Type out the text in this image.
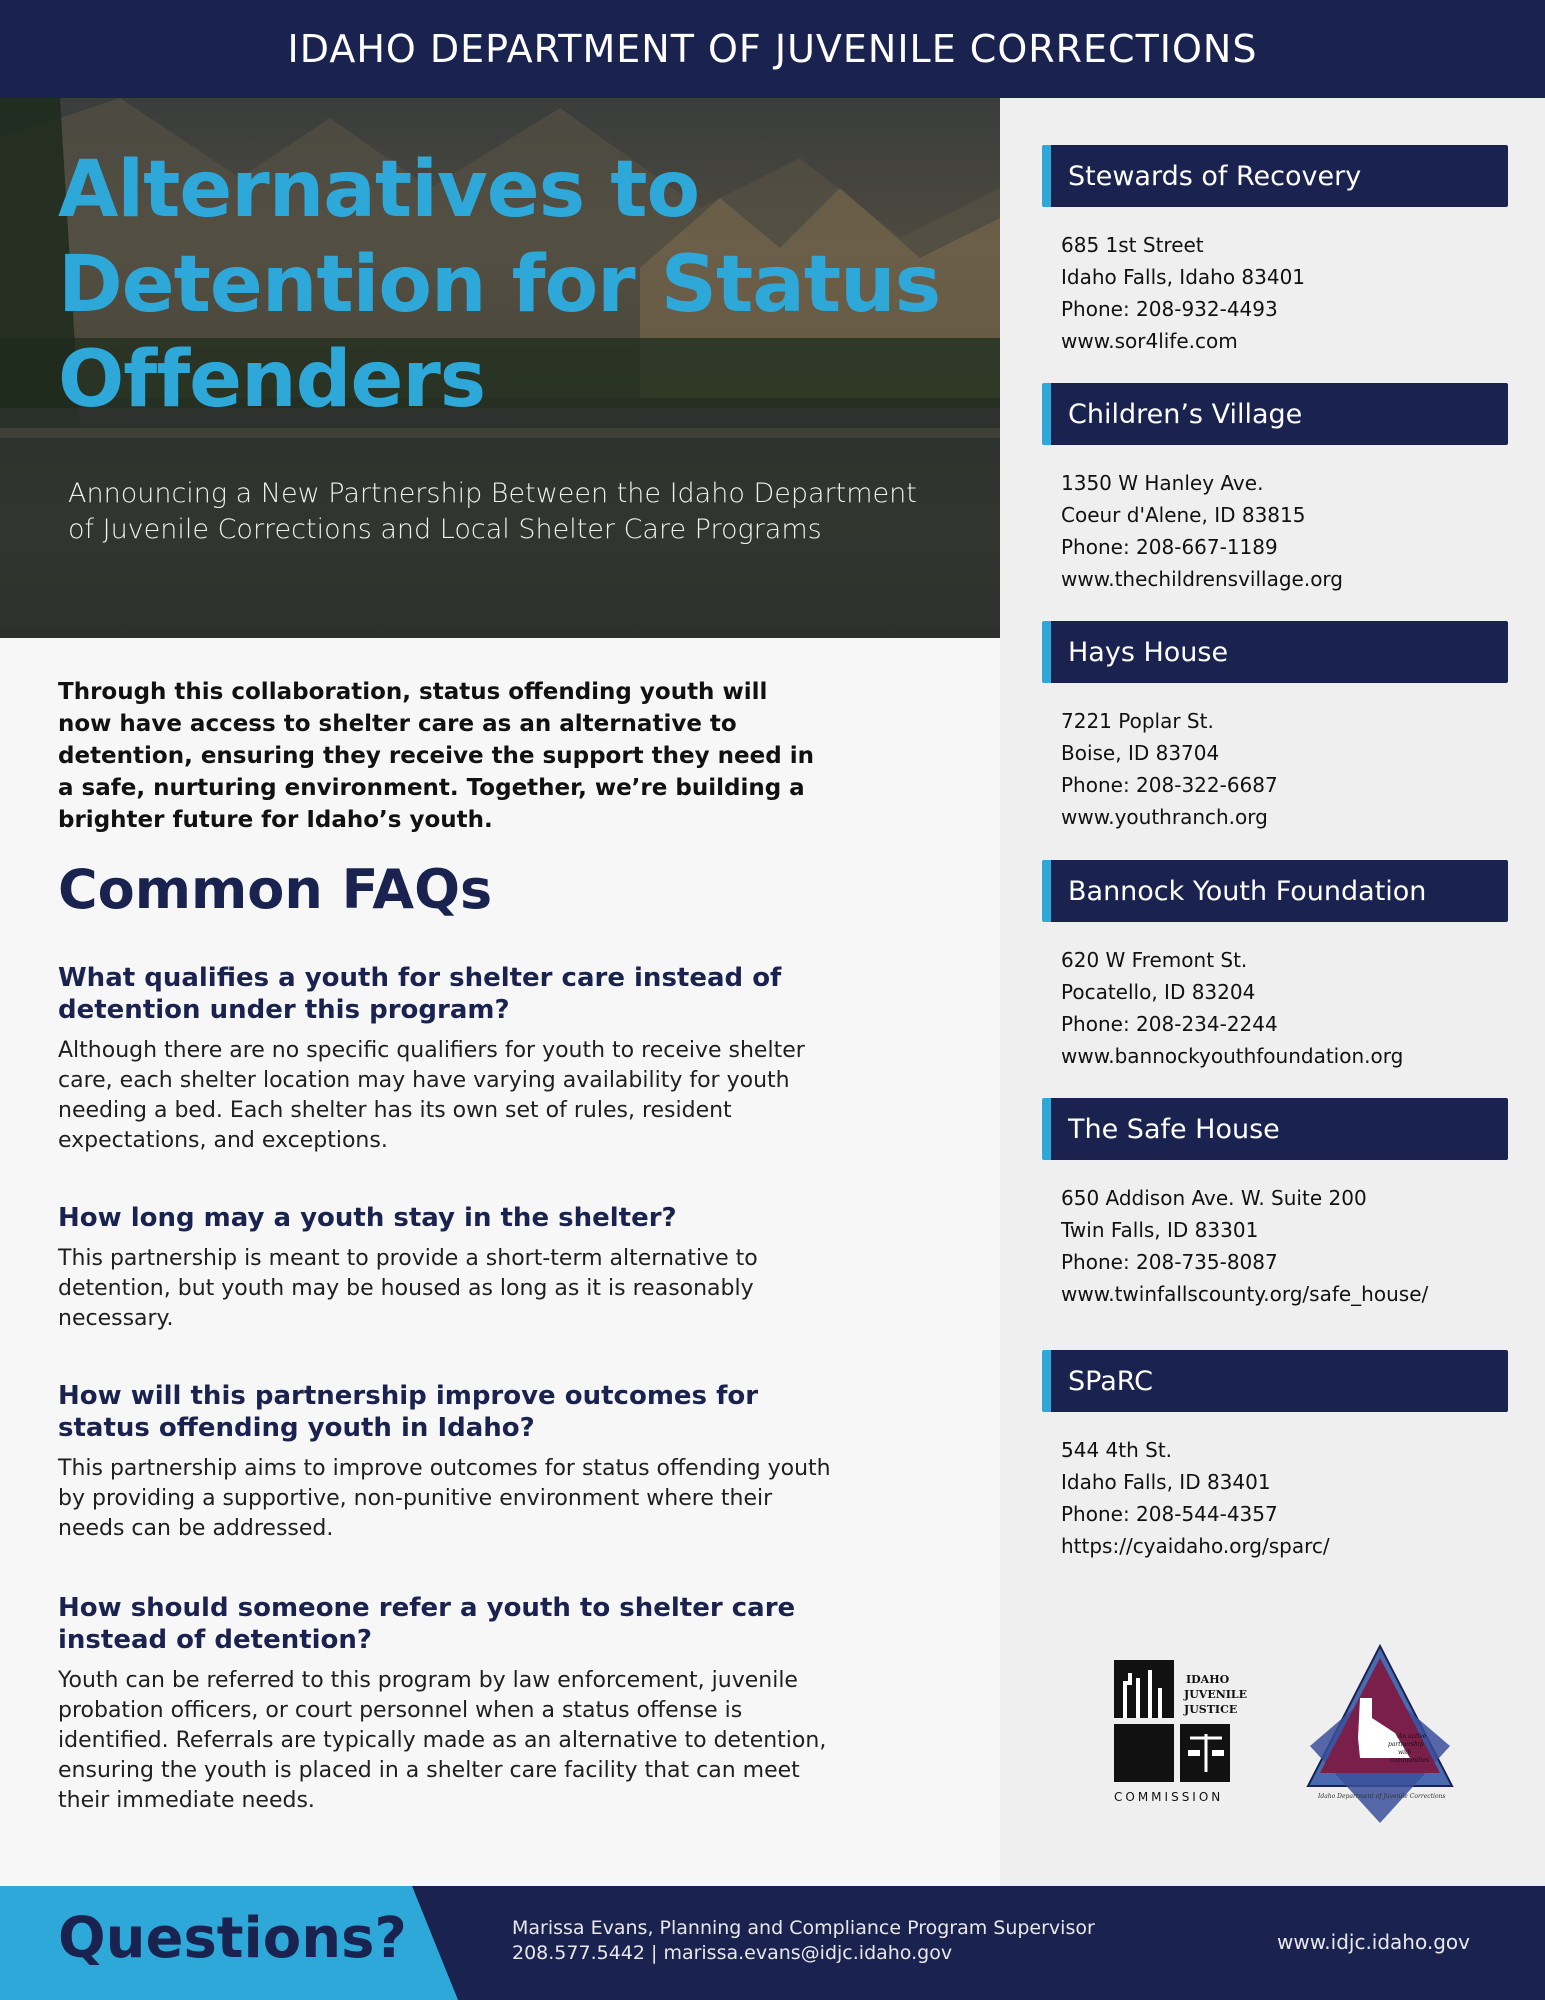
IDAHO DEPARTMENT OF JUVENILE CORRECTIONS
Alternatives to Detention for Status Offenders

Announcing a New Partnership Between the Idaho Department of Juvenile Corrections and Local Shelter Care Programs

Through this collaboration, status offending youth will now have access to shelter care as an alternative to detention, ensuring they receive the support they need in a safe, nurturing environment. Together, we’re building a brighter future for Idaho’s youth.

Common FAQs
What qualifies a youth for shelter care instead of detention under this program?

Although there are no specific qualifiers for youth to receive shelter care, each shelter location may have varying availability for youth needing a bed. Each shelter has its own set of rules, resident expectations, and exceptions.

How long may a youth stay in the shelter?

This partnership is meant to provide a short-term alternative to detention, but youth may be housed as long as it is reasonably necessary.

How will this partnership improve outcomes for status offending youth in Idaho?

This partnership aims to improve outcomes for status offending youth by providing a supportive, non-punitive environment where their needs can be addressed.

How should someone refer a youth to shelter care instead of detention?

Youth can be referred to this program by law enforcement, juvenile probation officers, or court personnel when a status offense is identified. Referrals are typically made as an alternative to detention, ensuring the youth is placed in a shelter care facility that can meet their immediate needs.

Stewards of Recovery
685 1st Street
Idaho Falls, Idaho 83401
Phone: 208-932-4493
www.sor4life.com
Children’s Village
1350 W Hanley Ave.
Coeur d'Alene, ID 83815
Phone: 208-667-1189
www.thechildrensvillage.org
Hays House
7221 Poplar St.
Boise, ID 83704
Phone: 208-322-6687
www.youthranch.org
Bannock Youth Foundation
620 W Fremont St.
Pocatello, ID 83204
Phone: 208-234-2244
www.bannockyouthfoundation.org
The Safe House
650 Addison Ave. W. Suite 200
Twin Falls, ID 83301
Phone: 208-735-8087
www.twinfallscounty.org/safe_house/
SPaRC
544 4th St.
Idaho Falls, ID 83401
Phone: 208-544-4357
https://cyaidaho.org/sparc/
IDAHO
JUVENILE
JUSTICE
COMMISSION
An active
partnership
with
communities
Idaho Department of Juvenile Corrections
Questions?	Marissa Evans, Planning and Compliance Program Supervisor
208.577.5442 | marissa.evans@idjc.idaho.gov	www.idjc.idaho.gov
